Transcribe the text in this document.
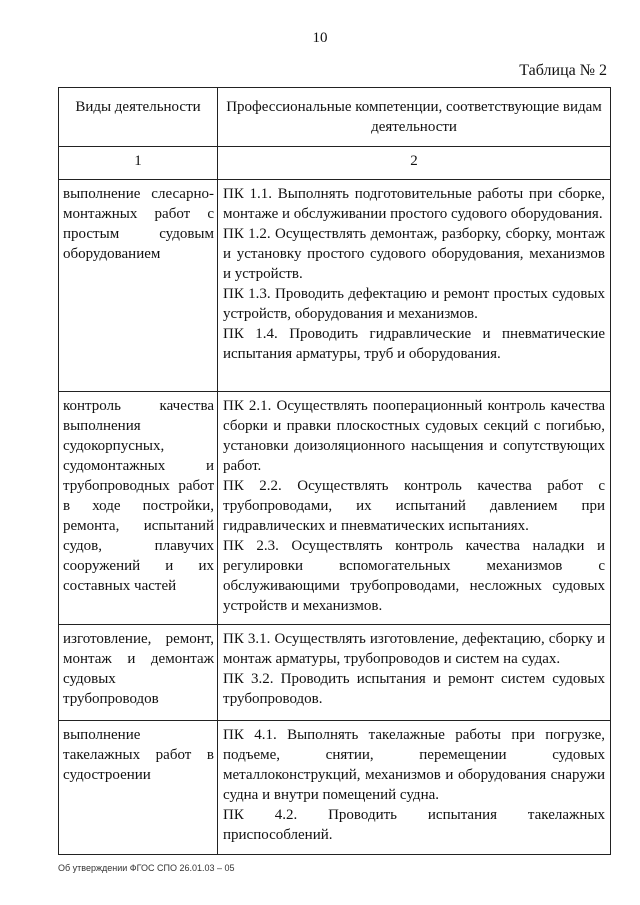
10
Таблица № 2
Виды деятельности	Профессиональные компетенции, соответствующие видам деятельности
1	2
выполнение слесарно-монтажных работ с простым судовым оборудованием	ПК 1.1. Выполнять подготовительные работы при сборке, монтаже и обслуживании простого судового оборудования.
ПК 1.2. Осуществлять демонтаж, разборку, сборку, монтаж и установку простого судового оборудования, механизмов и устройств.
ПК 1.3. Проводить дефектацию и ремонт простых судовых устройств, оборудования и механизмов.
ПК 1.4. Проводить гидравлические и пневматические испытания арматуры, труб и оборудования.

контроль качества выполнения судокорпусных, судомонтажных и трубопроводных работ в ходе постройки, ремонта, испытаний судов, плавучих сооружений и их составных частей	ПК 2.1. Осуществлять пооперационный контроль качества сборки и правки плоскостных судовых секций с погибью, установки доизоляционного насыщения и сопутствующих работ.
ПК 2.2. Осуществлять контроль качества работ с трубопроводами, их испытаний давлением при гидравлических и пневматических испытаниях.
ПК 2.3. Осуществлять контроль качества наладки и регулировки вспомогательных механизмов с обслуживающими трубопроводами, несложных судовых устройств и механизмов.

изготовление, ремонт, монтаж и демонтаж судовых трубопроводов	ПК 3.1. Осуществлять изготовление, дефектацию, сборку и монтаж арматуры, трубопроводов и систем на судах.
ПК 3.2. Проводить испытания и ремонт систем судовых трубопроводов.

выполнение такелажных работ в судостроении	ПК 4.1. Выполнять такелажные работы при погрузке, подъеме, снятии, перемещении судовых металлоконструкций, механизмов и оборудования снаружи судна и внутри помещений судна.
ПК 4.2. Проводить испытания такелажных приспособлений.
Об утверждении ФГОС СПО 26.01.03 – 05
